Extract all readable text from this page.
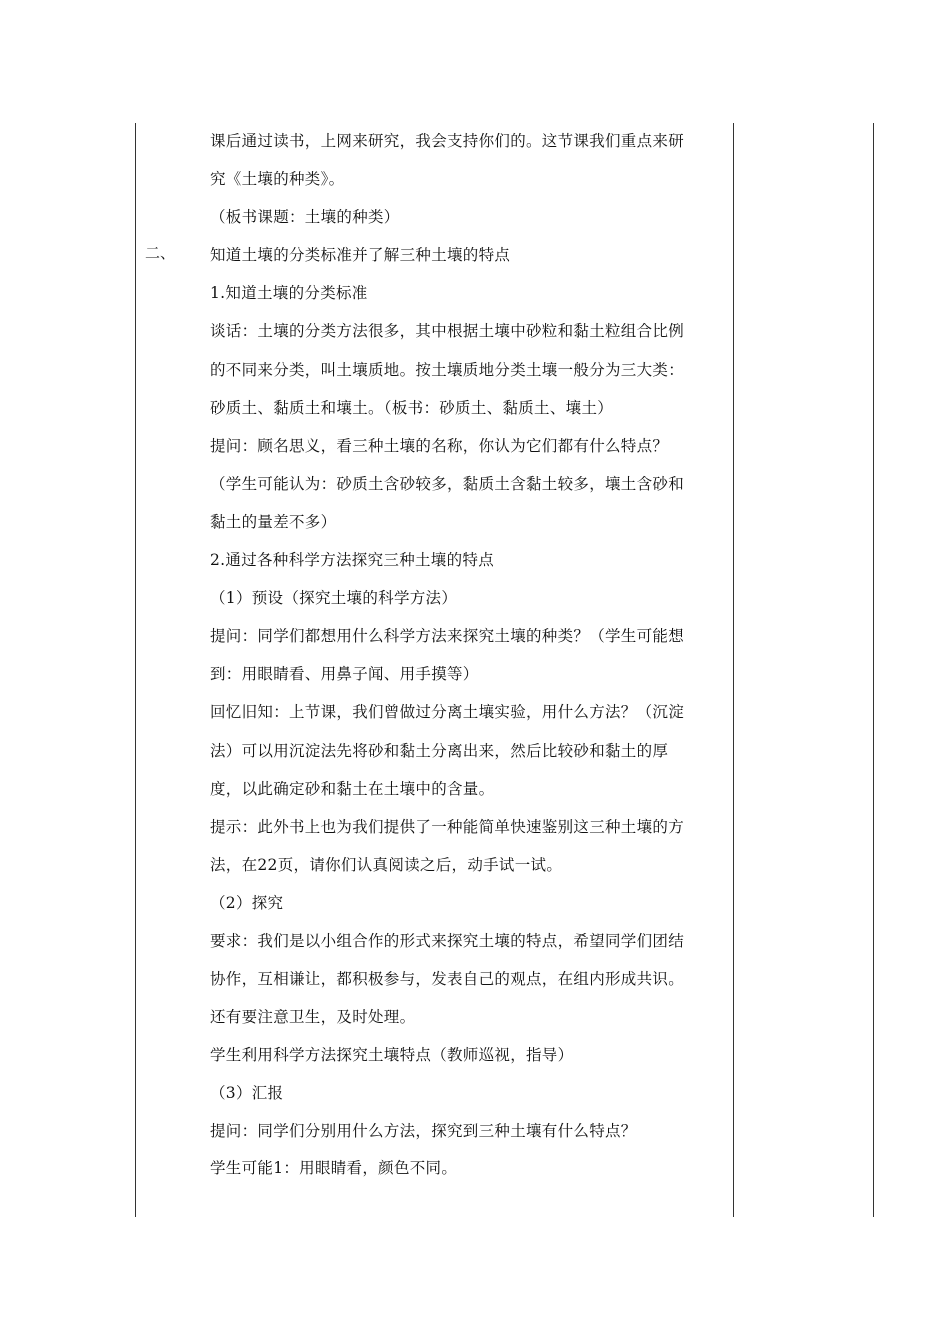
二、
课后通过读书，上网来研究，我会支持你们的。这节课我们重点来研
究《土壤的种类》。
（板书课题：土壤的种类）
知道土壤的分类标准并了解三种土壤的特点
1.知道土壤的分类标准
谈话：土壤的分类方法很多，其中根据土壤中砂粒和黏土粒组合比例
的不同来分类，叫土壤质地。按土壤质地分类土壤一般分为三大类：
砂质土、黏质土和壤土。（板书：砂质土、黏质土、壤土）
提问：顾名思义，看三种土壤的名称，你认为它们都有什么特点？
（学生可能认为：砂质土含砂较多，黏质土含黏土较多，壤土含砂和
黏土的量差不多）
2.通过各种科学方法探究三种土壤的特点
（1）预设（探究土壤的科学方法）
提问：同学们都想用什么科学方法来探究土壤的种类？（学生可能想
到：用眼睛看、用鼻子闻、用手摸等）
回忆旧知：上节课，我们曾做过分离土壤实验，用什么方法？（沉淀
法）可以用沉淀法先将砂和黏土分离出来，然后比较砂和黏土的厚
度，以此确定砂和黏土在土壤中的含量。
提示：此外书上也为我们提供了一种能简单快速鉴别这三种土壤的方
法，在22页，请你们认真阅读之后，动手试一试。
（2）探究
要求：我们是以小组合作的形式来探究土壤的特点，希望同学们团结
协作，互相谦让，都积极参与，发表自己的观点，在组内形成共识。
还有要注意卫生，及时处理。
学生利用科学方法探究土壤特点（教师巡视，指导）
（3）汇报
提问：同学们分别用什么方法，探究到三种土壤有什么特点？
学生可能1：用眼睛看，颜色不同。
